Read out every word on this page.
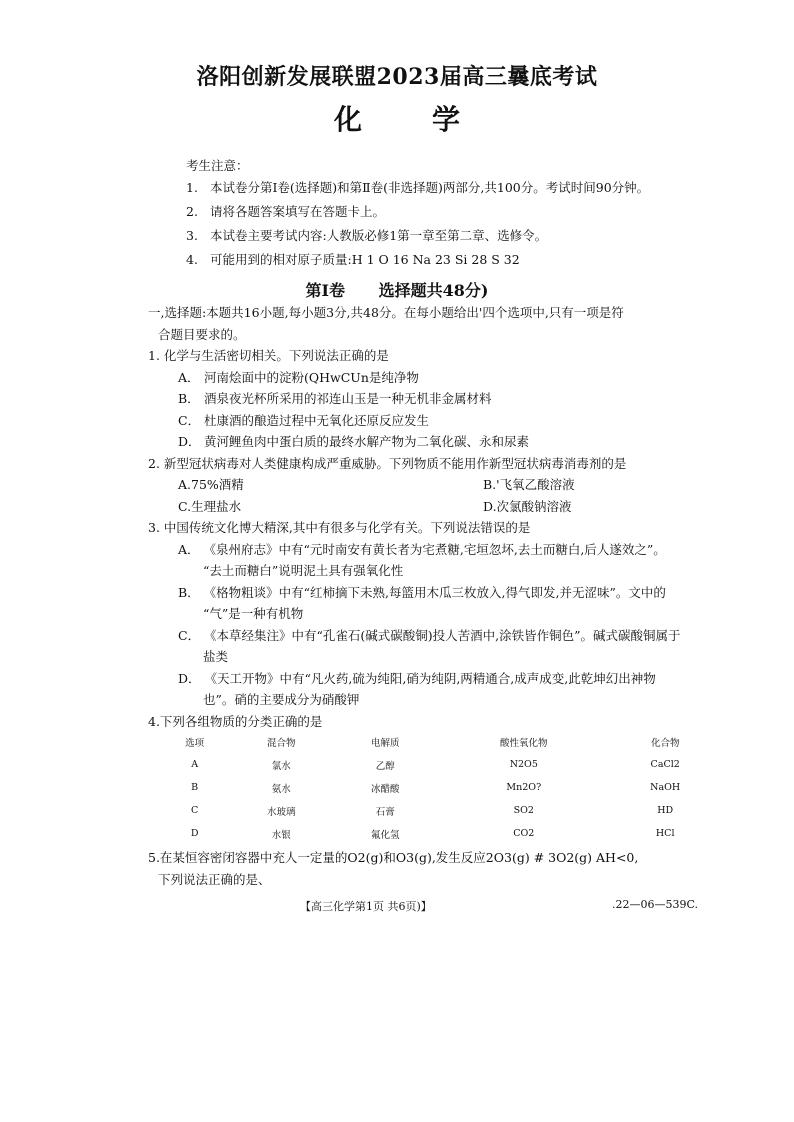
洛阳创新发展联盟2023届高三曩底考试
化学
考生注意：
1. 本试卷分第Ⅰ卷(选择题)和第Ⅱ卷(非选择题)两部分,共100分。考试时间90分钟。
2. 请将各题答案填写在答题卡上。
3. 本试卷主要考试内容:人教版必修1第一章至第二章、选修令。
4. 可能用到的相对原子质量:H 1 O 16 Na 23 Si 28 S 32
第Ⅰ卷 选择题共48分)
一,选择题:本题共16小题,每小题3分,共48分。在每小题给出'四个选项中,只有一项是符
合题目要求的。
1. 化学与生活密切相关。下列说法正确的是
A． 河南烩面中的淀粉(QHwCUn是纯净物
B． 酒泉夜光杯所采用的祁连山玉是一种无机非金属材料
C． 杜康酒的酿造过程中无氧化还原反应发生
D． 黄河鲤鱼肉中蛋白质的最终水解产物为二氧化碳、永和尿素
2. 新型冠状病毒对人类健康构成严重威胁。下列物质不能用作新型冠状病毒消毒剂的是
A.75%酒精	B.'飞氧乙酸溶液
C.生理盐水	D.次氯酸钠溶液
3. 中国传统文化博大精深,其中有很多与化学有关。下列说法错误的是
A． 《泉州府志》中有“元时南安有黄长者为宅煮糖,宅垣忽坏,去土而糖白,后人遂效之”。
“去土而糖白”说明泥土具有强氧化性
B． 《格物粗谈》中有“红柿摘下未熟,每篮用木瓜三枚放入,得气即发,并无涩味”。文中的
“气”是一种有机物
C． 《本草经集注》中有“孔雀石(碱式碳酸铜)投人苦酒中,涂铁皆作铜色”。碱式碳酸铜属于
盐类
D． 《天工开物》中有“凡火药,硫为纯阳,硝为纯阴,两精通合,成声成变,此乾坤幻出神物
也”。硝的主要成分为硝酸钾
4.下列各组物质的分类正确的是
选项	混合物	电解质	酸性氧化物	化合物
A	氯水	乙醇	N2O5	CaCl2
B	氨水	冰醋酸	Mn2O?	NaOH
C	水玻璃	石膏	SO2	HD
D	水银	氟化氢	CO2	HCl
5.在某恒容密闭容器中充人一定量的O2(g)和O3(g),发生反应2O3(g) # 3O2(g) AH<0,
下列说法正确的是、
【高三化学第1页 共6页)】	.22—06—539C.
